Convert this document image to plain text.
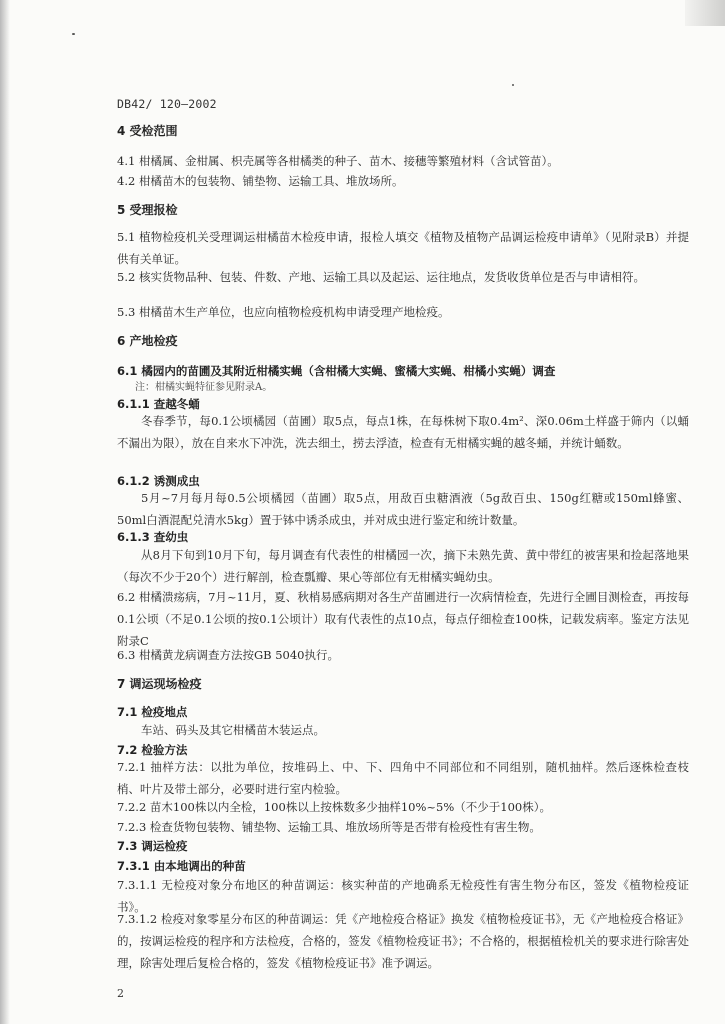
DB42/ 120—2002
4 受检范围
4.1 柑橘属、金柑属、枳壳属等各柑橘类的种子、苗木、接穗等繁殖材料（含试管苗）。
4.2 柑橘苗木的包装物、铺垫物、运输工具、堆放场所。
5 受理报检
5.1 植物检疫机关受理调运柑橘苗木检疫申请，报检人填交《植物及植物产品调运检疫申请单》（见附录B）并提供有关单证。
5.2 核实货物品种、包装、件数、产地、运输工具以及起运、运往地点，发货收货单位是否与申请相符。
5.3 柑橘苗木生产单位，也应向植物检疫机构申请受理产地检疫。
6 产地检疫
6.1 橘园内的苗圃及其附近柑橘实蝇（含柑橘大实蝇、蜜橘大实蝇、柑橘小实蝇）调查
注：柑橘实蝇特征参见附录A。
6.1.1 查越冬蛹
冬春季节，每0.1公顷橘园（苗圃）取5点，每点1株，在每株树下取0.4m²、深0.06m土样盛于筛内（以蛹不漏出为限），放在自来水下冲洗，洗去细土，捞去浮渣，检查有无柑橘实蝇的越冬蛹，并统计蛹数。
6.1.2 诱测成虫
5月~7月每月每0.5公顷橘园（苗圃）取5点，用敌百虫糖酒液（5g敌百虫、150g红糖或150ml蜂蜜、50ml白酒混配兑清水5kg）置于钵中诱杀成虫，并对成虫进行鉴定和统计数量。
6.1.3 查幼虫
从8月下旬到10月下旬，每月调查有代表性的柑橘园一次，摘下未熟先黄、黄中带红的被害果和捡起落地果（每次不少于20个）进行解剖，检查瓢瓣、果心等部位有无柑橘实蝇幼虫。
6.2 柑橘溃疡病，7月~11月，夏、秋梢易感病期对各生产苗圃进行一次病情检查，先进行全圃目测检查，再按每0.1公顷（不足0.1公顷的按0.1公顷计）取有代表性的点10点，每点仔细检查100株，记载发病率。鉴定方法见附录C
6.3 柑橘黄龙病调查方法按GB 5040执行。
7 调运现场检疫
7.1 检疫地点
车站、码头及其它柑橘苗木装运点。
7.2 检验方法
7.2.1 抽样方法：以批为单位，按堆码上、中、下、四角中不同部位和不同组别，随机抽样。然后逐株检查枝梢、叶片及带土部分，必要时进行室内检验。
7.2.2 苗木100株以内全检，100株以上按株数多少抽样10%~5%（不少于100株）。
7.2.3 检查货物包装物、铺垫物、运输工具、堆放场所等是否带有检疫性有害生物。
7.3 调运检疫
7.3.1 由本地调出的种苗
7.3.1.1 无检疫对象分布地区的种苗调运：核实种苗的产地确系无检疫性有害生物分布区，签发《植物检疫证书》。
7.3.1.2 检疫对象零星分布区的种苗调运：凭《产地检疫合格证》换发《植物检疫证书》，无《产地检疫合格证》的，按调运检疫的程序和方法检疫，合格的，签发《植物检疫证书》；不合格的，根据植检机关的要求进行除害处理，除害处理后复检合格的，签发《植物检疫证书》准予调运。
2
